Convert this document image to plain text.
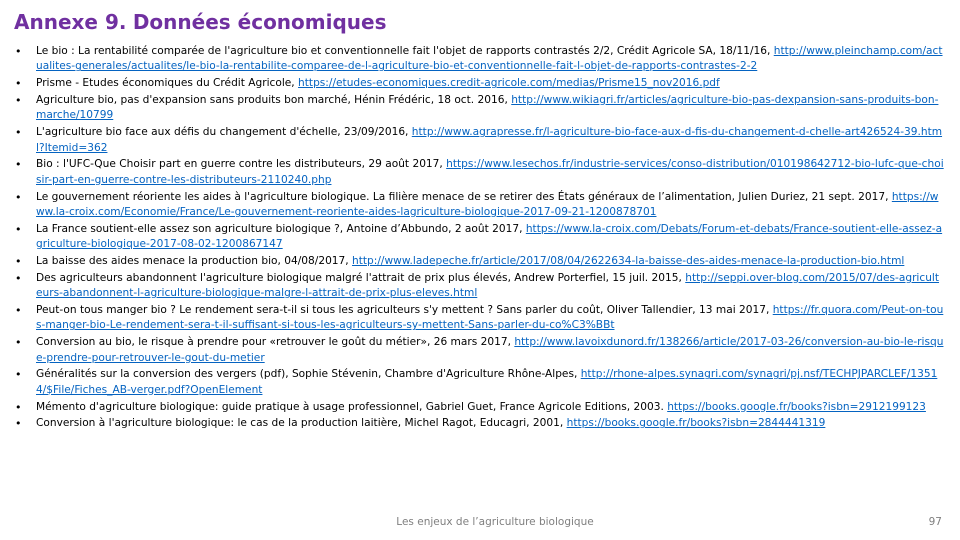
Annexe 9. Données économiques
• Le bio : La rentabilité comparée de l'agriculture bio et conventionnelle fait l'objet de rapports contrastés 2/2, Crédit Agricole SA, 18/11/16, http://www.pleinchamp.com/actualites-generales/actualites/le-bio-la-rentabilite-comparee-de-l-agriculture-bio-et-conventionnelle-fait-l-objet-de-rapports-contrastes-2-2
• Prisme - Etudes économiques du Crédit Agricole, https://etudes-economiques.credit-agricole.com/medias/Prisme15_nov2016.pdf
• Agriculture bio, pas d'expansion sans produits bon marché, Hénin Frédéric, 18 oct. 2016, http://www.wikiagri.fr/articles/agriculture-bio-pas-dexpansion-sans-produits-bon-marche/10799
• L'agriculture bio face aux défis du changement d'échelle, 23/09/2016, http://www.agrapresse.fr/l-agriculture-bio-face-aux-d-fis-du-changement-d-chelle-art426524-39.html?Itemid=362
• Bio : l'UFC-Que Choisir part en guerre contre les distributeurs, 29 août 2017, https://www.lesechos.fr/industrie-services/conso-distribution/010198642712-bio-lufc-que-choisir-part-en-guerre-contre-les-distributeurs-2110240.php
• Le gouvernement réoriente les aides à l'agriculture biologique. La filière menace de se retirer des États généraux de l’alimentation, Julien Duriez, 21 sept. 2017, https://www.la-croix.com/Economie/France/Le-gouvernement-reoriente-aides-lagriculture-biologique-2017-09-21-1200878701
• La France soutient-elle assez son agriculture biologique ?, Antoine d’Abbundo, 2 août 2017, https://www.la-croix.com/Debats/Forum-et-debats/France-soutient-elle-assez-agriculture-biologique-2017-08-02-1200867147
• La baisse des aides menace la production bio, 04/08/2017, http://www.ladepeche.fr/article/2017/08/04/2622634-la-baisse-des-aides-menace-la-production-bio.html
• Des agriculteurs abandonnent l'agriculture biologique malgré l'attrait de prix plus élevés, Andrew Porterfiel, 15 juil. 2015, http://seppi.over-blog.com/2015/07/des-agriculteurs-abandonnent-l-agriculture-biologique-malgre-l-attrait-de-prix-plus-eleves.html
• Peut-on tous manger bio ? Le rendement sera-t-il si tous les agriculteurs s'y mettent ? Sans parler du coût, Oliver Tallendier, 13 mai 2017, https://fr.quora.com/Peut-on-tous-manger-bio-Le-rendement-sera-t-il-suffisant-si-tous-les-agriculteurs-sy-mettent-Sans-parler-du-co%C3%BBt
• Conversion au bio, le risque à prendre pour «retrouver le goût du métier», 26 mars 2017, http://www.lavoixdunord.fr/138266/article/2017-03-26/conversion-au-bio-le-risque-prendre-pour-retrouver-le-gout-du-metier
• Généralités sur la conversion des vergers (pdf), Sophie Stévenin, Chambre d'Agriculture Rhône-Alpes, http://rhone-alpes.synagri.com/synagri/pj.nsf/TECHPJPARCLEF/13514/$File/Fiches_AB-verger.pdf?OpenElement
• Mémento d'agriculture biologique: guide pratique à usage professionnel, Gabriel Guet, France Agricole Editions, 2003. https://books.google.fr/books?isbn=2912199123
• Conversion à l'agriculture biologique: le cas de la production laitière, Michel Ragot, Educagri, 2001, https://books.google.fr/books?isbn=2844441319
Les enjeux de l’agriculture biologique	97
